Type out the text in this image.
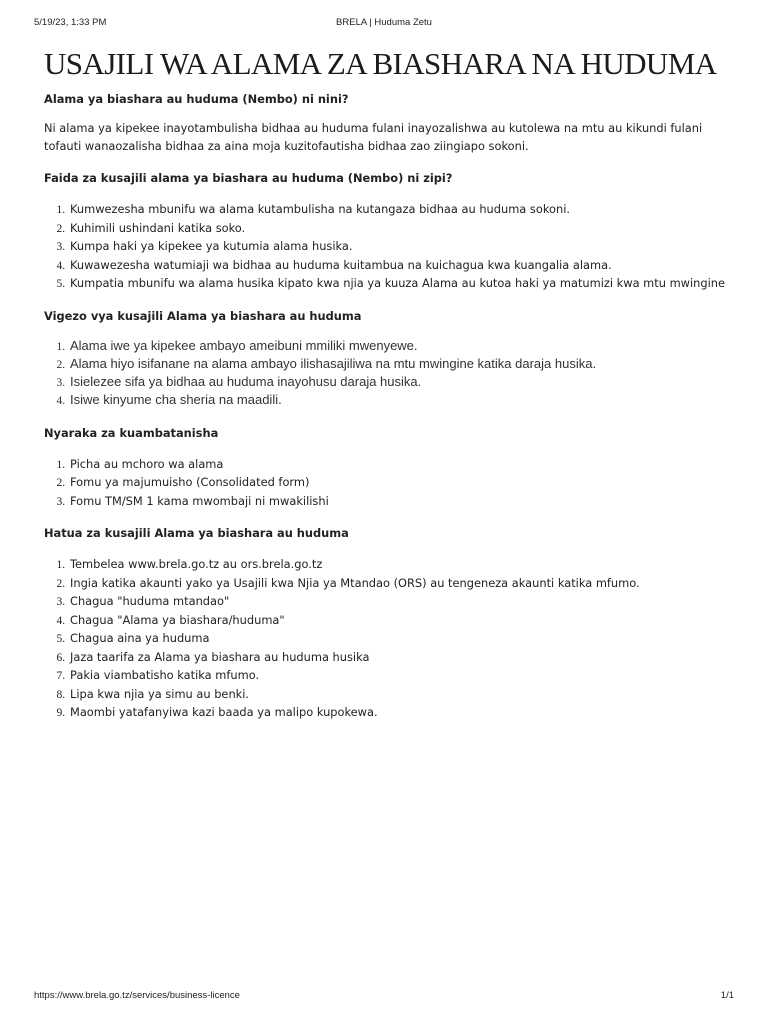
5/19/23, 1:33 PM	BRELA | Huduma Zetu
USAJILI WA ALAMA ZA BIASHARA NA HUDUMA

Alama ya biashara au huduma (Nembo) ni nini?

Ni alama ya kipekee inayotambulisha bidhaa au huduma fulani inayozalishwa au kutolewa na mtu au kikundi fulani

tofauti wanaozalisha bidhaa za aina moja kuzitofautisha bidhaa zao ziingiapo sokoni.

Faida za kusajili alama ya biashara au huduma (Nembo) ni zipi?

1. Kumwezesha mbunifu wa alama kutambulisha na kutangaza bidhaa au huduma sokoni.
2. Kuhimili ushindani katika soko.
3. Kumpa haki ya kipekee ya kutumia alama husika.
4. Kuwawezesha watumiaji wa bidhaa au huduma kuitambua na kuichagua kwa kuangalia alama.
5. Kumpatia mbunifu wa alama husika kipato kwa njia ya kuuza Alama au kutoa haki ya matumizi kwa mtu mwingine

Vigezo vya kusajili Alama ya biashara au huduma

1. Alama iwe ya kipekee ambayo ameibuni mmiliki mwenyewe.
2. Alama hiyo isifanane na alama ambayo ilishasajiliwa na mtu mwingine katika daraja husika.
3. Isielezee sifa ya bidhaa au huduma inayohusu daraja husika.
4. Isiwe kinyume cha sheria na maadili.

Nyaraka za kuambatanisha

1. Picha au mchoro wa alama
2. Fomu ya majumuisho (Consolidated form)
3. Fomu TM/SM 1 kama mwombaji ni mwakilishi

Hatua za kusajili Alama ya biashara au huduma

1. Tembelea www.brela.go.tz au ors.brela.go.tz
2. Ingia katika akaunti yako ya Usajili kwa Njia ya Mtandao (ORS) au tengeneza akaunti katika mfumo.
3. Chagua "huduma mtandao"
4. Chagua "Alama ya biashara/huduma"
5. Chagua aina ya huduma
6. Jaza taarifa za Alama ya biashara au huduma husika
7. Pakia viambatisho katika mfumo.
8. Lipa kwa njia ya simu au benki.
9. Maombi yatafanyiwa kazi baada ya malipo kupokewa.
https://www.brela.go.tz/services/business-licence	1/1
